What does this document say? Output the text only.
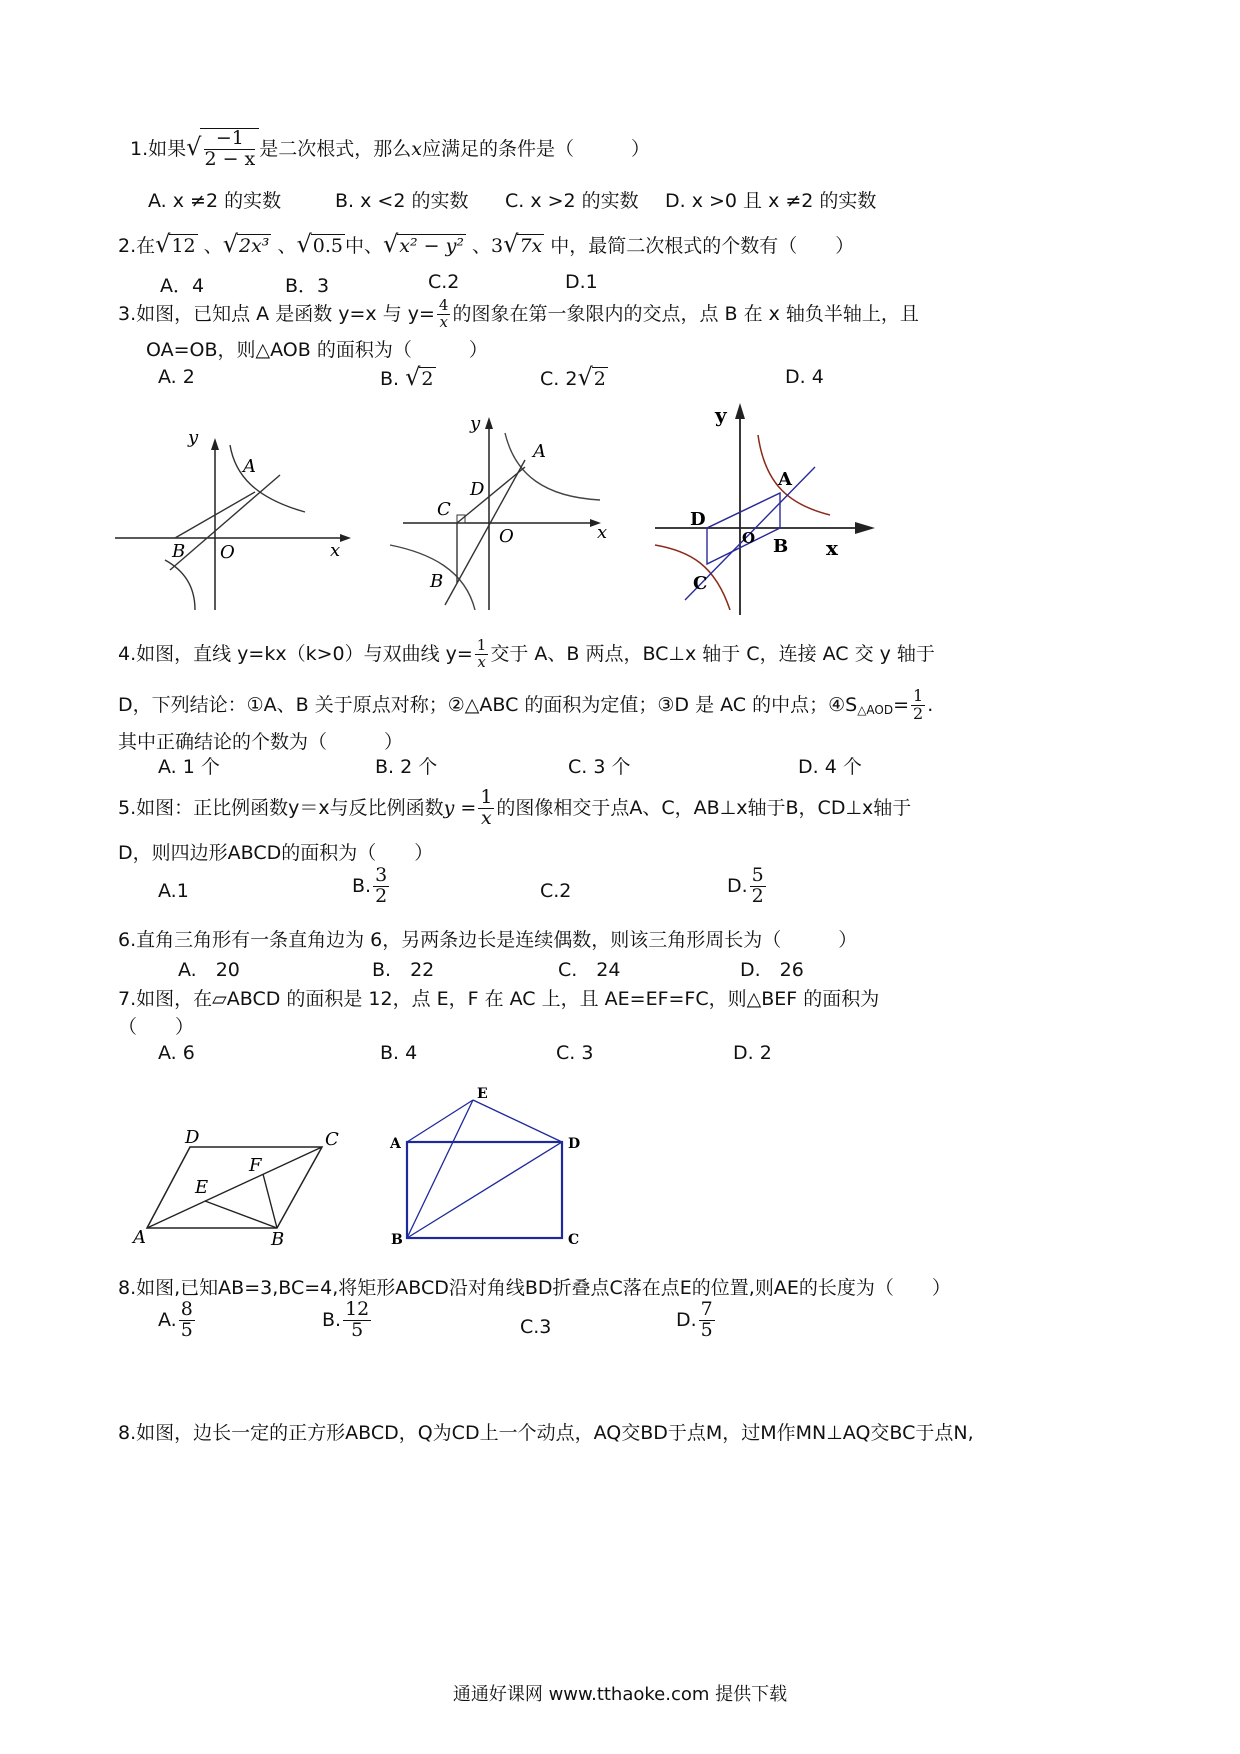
1.如果√ $\frac{-1}{2 - x}$ 是二次根式，那么x应满足的条件是（　　　）
A. x ≠2 的实数	B. x <2 的实数 C. x >2 的实数 D. x >0 且 x ≠2 的实数
2.在√12 、√2x³ 、√0.5 中、√x² − y² 、3√7x 中，最简二次根式的个数有（　　）
A．4	B．3	C.2	D.1
3.如图，已知点 A 是函数 y=x 与 $y= \frac{4}{x}$ 的图象在第一象限内的交点，点 B 在 x 轴负半轴上，且
OA=OB，则△AOB 的面积为（　　　）
A. 2	B. √2	C. 2√2	D. 4
y
x
A
B O
y
x
A
B
C
D
O
y
x
A
B
C
D
O
4.如图，直线 y=kx（k>0）与双曲线 $y= \frac{1}{x}$ 交于 A、B 两点，BC⊥x 轴于 C，连接 AC 交 y 轴于
D，下列结论：①A、B 关于原点对称；②△ABC 的面积为定值；③D 是 AC 的中点；$④S_{\triangle AOD}= \frac{1}{2}$ .
其中正确结论的个数为（　　　）
A. 1 个	B. 2 个	C. 3 个	D. 4 个
5.如图：正比例函数y＝x与反比例函数$y = \frac{1}{x}$ 的图像相交于点A、C，AB⊥x轴于B，CD⊥x轴于
D，则四边形ABCD的面积为（　　）
A.1	B. $\frac{3}{2}$	C.2	D. $\frac{5}{2}$
6.直角三角形有一条直角边为 6，另两条边长是连续偶数，则该三角形周长为（　　　）
A.　20	B.　22	C.　24	D.　26
7.如图，在▱ABCD 的面积是 12，点 E，F 在 AC 上，且 AE=EF=FC，则△BEF 的面积为
（　　）
A. 6	B. 4	C. 3	D. 2
A	B
C
D
E
F
A
B	C
D
E
8.如图,已知AB=3,BC=4,将矩形ABCD沿对角线BD折叠点C落在点E的位置,则AE的长度为（　　）
A. $\frac{8}{5}$	B. $\frac{12}{5}$	C.3	D. $\frac{7}{5}$
8.如图，边长一定的正方形ABCD，Q为CD上一个动点，AQ交BD于点M，过M作MN⊥AQ交BC于点N,
通通好课网 www.tthaoke.com 提供下载
